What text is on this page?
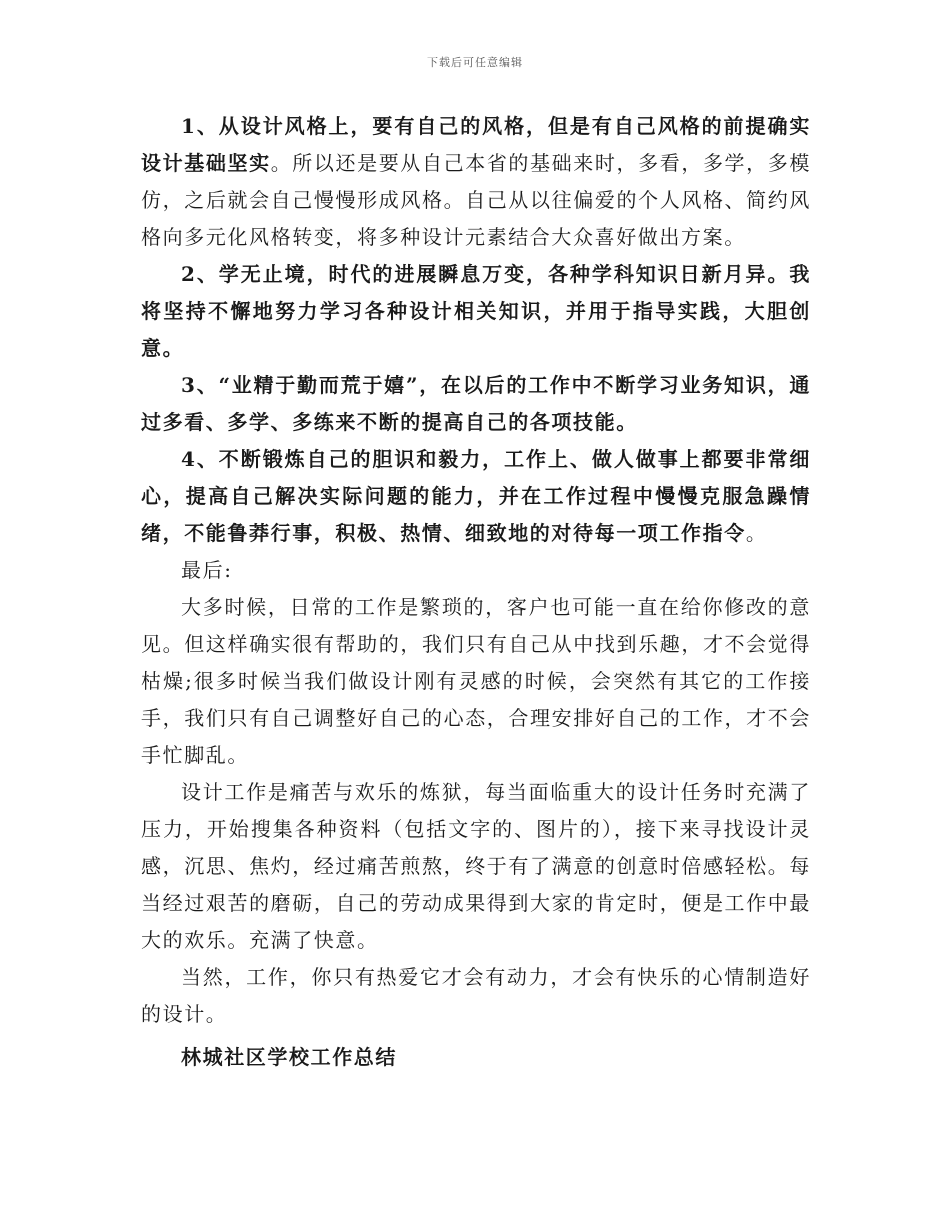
下载后可任意编辑

1、从设计风格上，要有自己的风格，但是有自己风格的前提确实设计基础坚实。所以还是要从自己本省的基础来时，多看，多学，多模仿，之后就会自己慢慢形成风格。自己从以往偏爱的个人风格、简约风格向多元化风格转变，将多种设计元素结合大众喜好做出方案。

2、学无止境，时代的进展瞬息万变，各种学科知识日新月异。我将坚持不懈地努力学习各种设计相关知识，并用于指导实践，大胆创意。

3、“业精于勤而荒于嬉”，在以后的工作中不断学习业务知识，通过多看、多学、多练来不断的提高自己的各项技能。

4、不断锻炼自己的胆识和毅力，工作上、做人做事上都要非常细心，提高自己解决实际问题的能力，并在工作过程中慢慢克服急躁情绪，不能鲁莽行事，积极、热情、细致地的对待每一项工作指令。

最后:

大多时候，日常的工作是繁琐的，客户也可能一直在给你修改的意见。但这样确实很有帮助的，我们只有自己从中找到乐趣，才不会觉得枯燥;很多时候当我们做设计刚有灵感的时候，会突然有其它的工作接手，我们只有自己调整好自己的心态，合理安排好自己的工作，才不会手忙脚乱。

设计工作是痛苦与欢乐的炼狱，每当面临重大的设计任务时充满了压力，开始搜集各种资料（包括文字的、图片的），接下来寻找设计灵感，沉思、焦灼，经过痛苦煎熬，终于有了满意的创意时倍感轻松。每当经过艰苦的磨砺，自己的劳动成果得到大家的肯定时，便是工作中最大的欢乐。充满了快意。

当然，工作，你只有热爱它才会有动力，才会有快乐的心情制造好的设计。

林城社区学校工作总结
